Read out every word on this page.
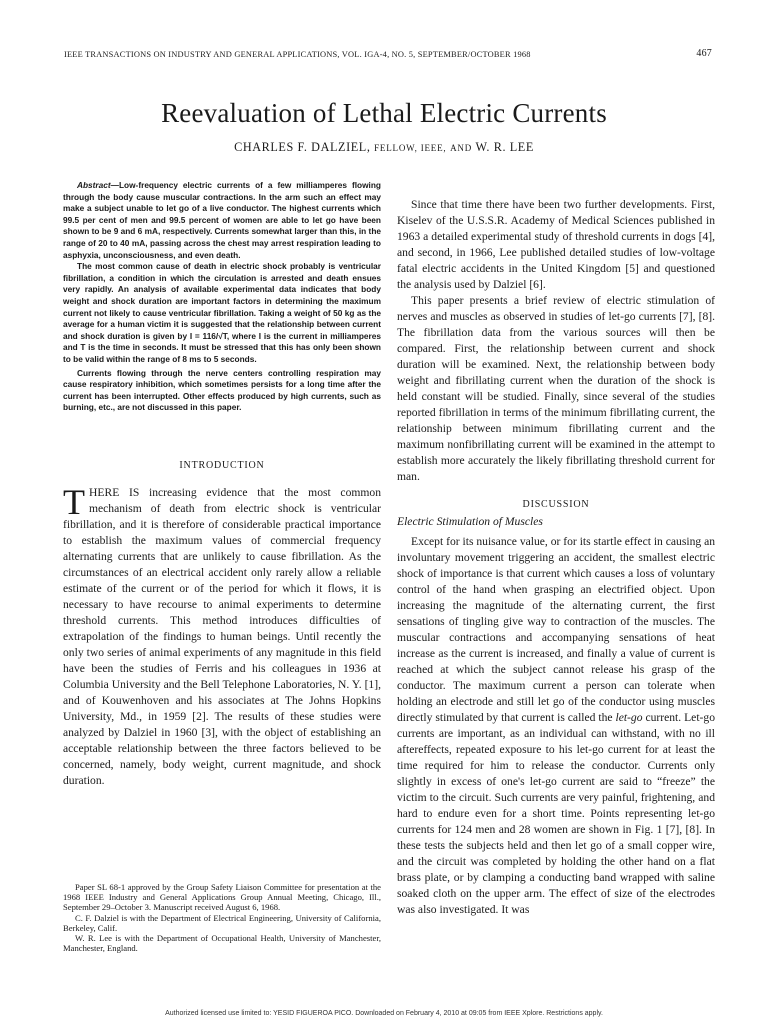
IEEE TRANSACTIONS ON INDUSTRY AND GENERAL APPLICATIONS, VOL. IGA-4, NO. 5, SEPTEMBER/OCTOBER 1968	467
Reevaluation of Lethal Electric Currents
CHARLES F. DALZIEL, FELLOW, IEEE, AND W. R. LEE

Abstract—Low-frequency electric currents of a few milliamperes flowing through the body cause muscular contractions. In the arm such an effect may make a subject unable to let go of a live conductor. The highest currents which 99.5 per cent of men and 99.5 percent of women are able to let go have been shown to be 9 and 6 mA, respectively. Currents somewhat larger than this, in the range of 20 to 40 mA, passing across the chest may arrest respiration leading to asphyxia, unconsciousness, and even death.

The most common cause of death in electric shock probably is ventricular fibrillation, a condition in which the circulation is arrested and death ensues very rapidly. An analysis of available experimental data indicates that body weight and shock duration are important factors in determining the maximum current not likely to cause ventricular fibrillation. Taking a weight of 50 kg as the average for a human victim it is suggested that the relationship between current and shock duration is given by I = 116/√T, where I is the current in milliamperes and T is the time in seconds. It must be stressed that this has only been shown to be valid within the range of 8 ms to 5 seconds.

Currents flowing through the nerve centers controlling respiration may cause respiratory inhibition, which sometimes persists for a long time after the current has been interrupted. Other effects produced by high currents, such as burning, etc., are not discussed in this paper.

INTRODUCTION

THERE IS increasing evidence that the most common mechanism of death from electric shock is ventricular fibrillation, and it is therefore of considerable practical importance to establish the maximum values of commercial frequency alternating currents that are unlikely to cause fibrillation. As the circumstances of an electrical accident only rarely allow a reliable estimate of the current or of the period for which it flows, it is necessary to have recourse to animal experiments to determine threshold currents. This method introduces difficulties of extrapolation of the findings to human beings. Until recently the only two series of animal experiments of any magnitude in this field have been the studies of Ferris and his colleagues in 1936 at Columbia University and the Bell Telephone Laboratories, N. Y. [1], and of Kouwenhoven and his associates at The Johns Hopkins University, Md., in 1959 [2]. The results of these studies were analyzed by Dalziel in 1960 [3], with the object of establishing an acceptable relationship between the three factors believed to be concerned, namely, body weight, current magnitude, and shock duration.

Paper SL 68-1 approved by the Group Safety Liaison Committee for presentation at the 1968 IEEE Industry and General Applications Group Annual Meeting, Chicago, Ill., September 29–October 3. Manuscript received August 6, 1968.

C. F. Dalziel is with the Department of Electrical Engineering, University of California, Berkeley, Calif.

W. R. Lee is with the Department of Occupational Health, University of Manchester, Manchester, England.

Since that time there have been two further developments. First, Kiselev of the U.S.S.R. Academy of Medical Sciences published in 1963 a detailed experimental study of threshold currents in dogs [4], and second, in 1966, Lee published detailed studies of low-voltage fatal electric accidents in the United Kingdom [5] and questioned the analysis used by Dalziel [6].

This paper presents a brief review of electric stimulation of nerves and muscles as observed in studies of let-go currents [7], [8]. The fibrillation data from the various sources will then be compared. First, the relationship between current and shock duration will be examined. Next, the relationship between body weight and fibrillating current when the duration of the shock is held constant will be studied. Finally, since several of the studies reported fibrillation in terms of the minimum fibrillating current, the relationship between minimum fibrillating current and the maximum nonfibrillating current will be examined in the attempt to establish more accurately the likely fibrillating threshold current for man.

DISCUSSION

Electric Stimulation of Muscles

Except for its nuisance value, or for its startle effect in causing an involuntary movement triggering an accident, the smallest electric shock of importance is that current which causes a loss of voluntary control of the hand when grasping an electrified object. Upon increasing the magnitude of the alternating current, the first sensations of tingling give way to contraction of the muscles. The muscular contractions and accompanying sensations of heat increase as the current is increased, and finally a value of current is reached at which the subject cannot release his grasp of the conductor. The maximum current a person can tolerate when holding an electrode and still let go of the conductor using muscles directly stimulated by that current is called the let-go current. Let-go currents are important, as an individual can withstand, with no ill aftereffects, repeated exposure to his let-go current for at least the time required for him to release the conductor. Currents only slightly in excess of one's let-go current are said to “freeze” the victim to the circuit. Such currents are very painful, frightening, and hard to endure even for a short time. Points representing let-go currents for 124 men and 28 women are shown in Fig. 1 [7], [8]. In these tests the subjects held and then let go of a small copper wire, and the circuit was completed by holding the other hand on a flat brass plate, or by clamping a conducting band wrapped with saline soaked cloth on the upper arm. The effect of size of the electrodes was also investigated. It was

Authorized licensed use limited to: YESID FIGUEROA PICO. Downloaded on February 4, 2010 at 09:05 from IEEE Xplore. Restrictions apply.
